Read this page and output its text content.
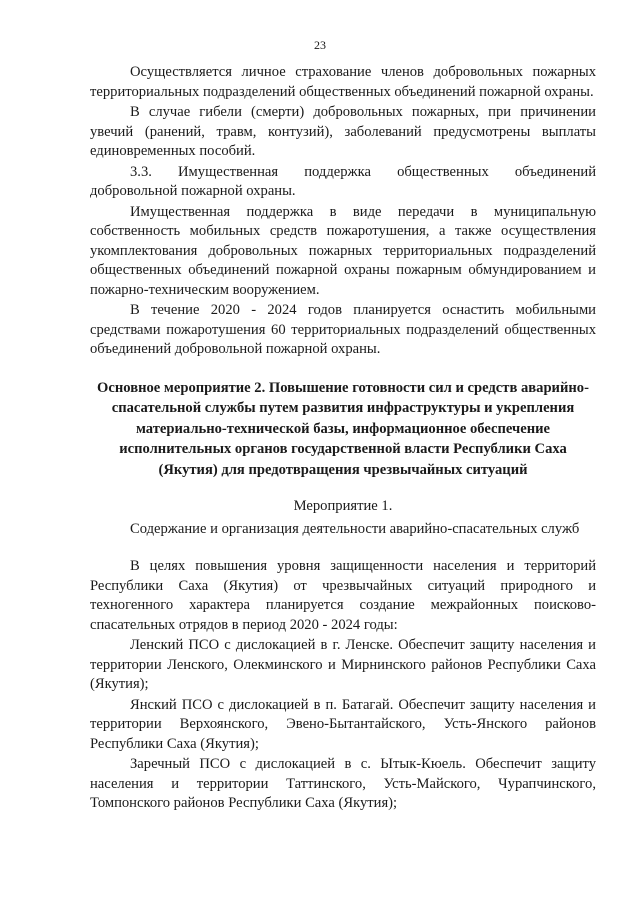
23

Осуществляется личное страхование членов добровольных пожарных территориальных подразделений общественных объединений пожарной охраны.

В случае гибели (смерти) добровольных пожарных, при причинении увечий (ранений, травм, контузий), заболеваний предусмотрены выплаты единовременных пособий.

3.3. Имущественная поддержка общественных объединений добровольной пожарной охраны.

Имущественная поддержка в виде передачи в муниципальную собственность мобильных средств пожаротушения, а также осуществления укомплектования добровольных пожарных территориальных подразделений общественных объединений пожарной охраны пожарным обмундированием и пожарно-техническим вооружением.

В течение 2020 - 2024 годов планируется оснастить мобильными средствами пожаротушения 60 территориальных подразделений общественных объединений добровольной пожарной охраны.

Основное мероприятие 2. Повышение готовности сил и средств аварийно-спасательной службы путем развития инфраструктуры и укрепления материально-технической базы, информационное обеспечение исполнительных органов государственной власти Республики Саха (Якутия) для предотвращения чрезвычайных ситуаций

Мероприятие 1.

Содержание и организация деятельности аварийно-спасательных служб

В целях повышения уровня защищенности населения и территорий Республики Саха (Якутия) от чрезвычайных ситуаций природного и техногенного характера планируется создание межрайонных поисково-спасательных отрядов в период 2020 - 2024 годы:

Ленский ПСО с дислокацией в г. Ленске. Обеспечит защиту населения и территории Ленского, Олекминского и Мирнинского районов Республики Саха (Якутия);

Янский ПСО с дислокацией в п. Батагай. Обеспечит защиту населения и территории Верхоянского, Эвено-Бытантайского, Усть-Янского районов Республики Саха (Якутия);

Заречный ПСО с дислокацией в с. Ытык-Кюель. Обеспечит защиту населения и территории Таттинского, Усть-Майского, Чурапчинского, Томпонского районов Республики Саха (Якутия);
